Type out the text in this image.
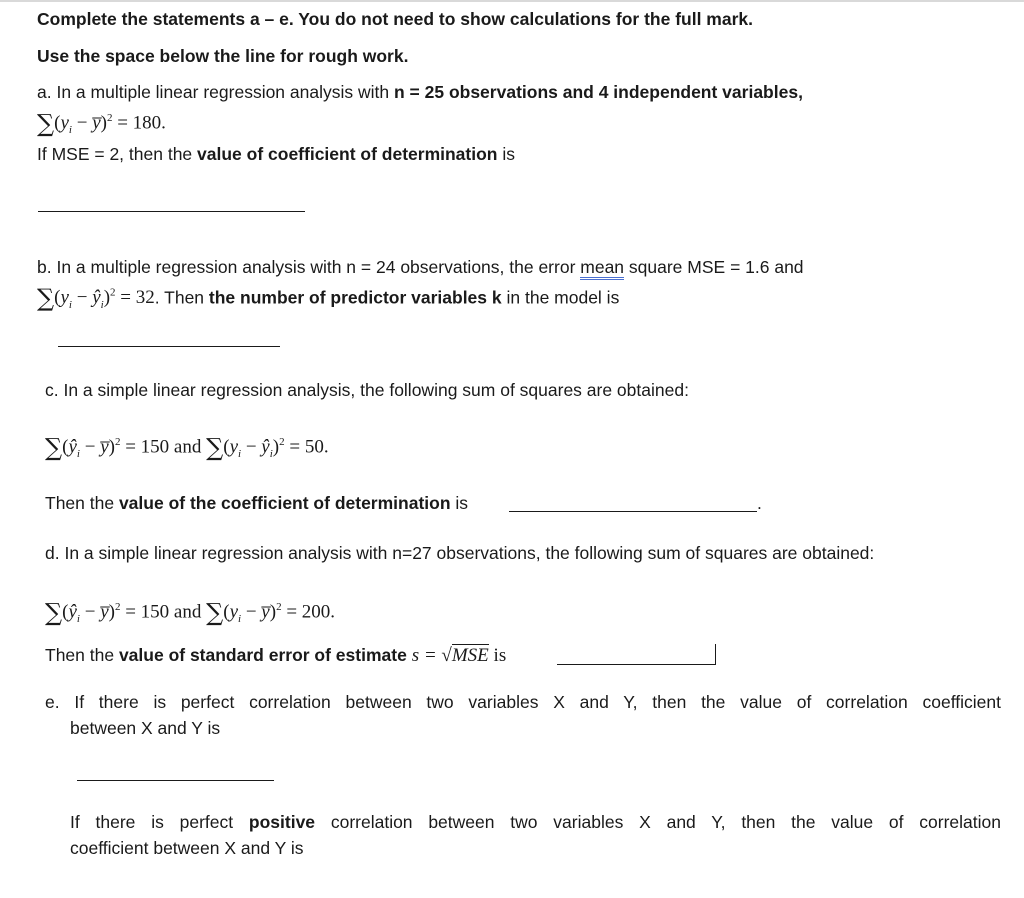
Complete the statements a – e. You do not need to show calculations for the full mark.
Use the space below the line for rough work.
a. In a multiple linear regression analysis with n = 25 observations and 4 independent variables,
$\sum(y_i$ − y̅)$^2$ = 180.
If MSE = 2, then the value of coefficient of determination is
b. In a multiple regression analysis with n = 24 observations, the error mean square MSE = 1.6 and
$\sum(y_i$ − $ŷ_i)^2 = 32$. Then the number of predictor variables k in the model is
c. In a simple linear regression analysis, the following sum of squares are obtained:
$\sum(ŷ_i$ − y̅)$^2$ = 150 and $\sum(y_i$ − $ŷ_i)^2 = 50$.
Then the value of the coefficient of determination is	.
d. In a simple linear regression analysis with n=27 observations, the following sum of squares are obtained:
$\sum(ŷ_i$ − y̅)$^2$ = 150 and $\sum(y_i$ − y̅)$^2$ = 200.
Then the value of standard error of estimate s = √MSE is
e. If there is perfect correlation between two variables X and Y, then the value of correlation coefficient
between X and Y is
If there is perfect positive correlation between two variables X and Y, then the value of correlation
coefficient between X and Y is
